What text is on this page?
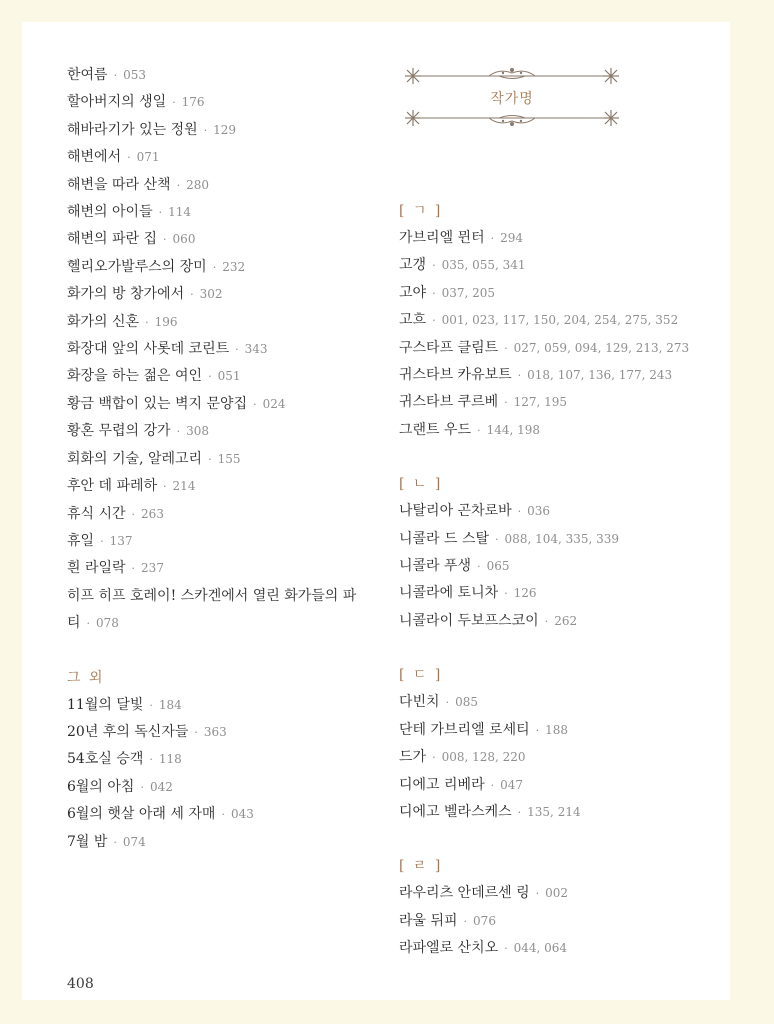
한여름 · 053
할아버지의 생일 · 176
해바라기가 있는 정원 · 129
해변에서 · 071
해변을 따라 산책 · 280
해변의 아이들 · 114
해변의 파란 집 · 060
헬리오가발루스의 장미 · 232
화가의 방 창가에서 · 302
화가의 신혼 · 196
화장대 앞의 사롯데 코린트 · 343
화장을 하는 젊은 여인 · 051
황금 백합이 있는 벽지 문양집 · 024
황혼 무렵의 강가 · 308
회화의 기술, 알레고리 · 155
후안 데 파레하 · 214
휴식 시간 · 263
휴일 · 137
흰 라일락 · 237
히프 히프 호레이! 스카겐에서 열린 화가들의 파
티 · 078
그 외
11월의 달빛 · 184
20년 후의 독신자들 · 363
54호실 승객 · 118
6월의 아침 · 042
6월의 햇살 아래 세 자매 · 043
7월 밤 · 074
작가명
[ ㄱ ]
가브리엘 뮌터 · 294
고갱 · 035, 055, 341
고야 · 037, 205
고흐 · 001, 023, 117, 150, 204, 254, 275, 352
구스타프 클림트 · 027, 059, 094, 129, 213, 273
귀스타브 카유보트 · 018, 107, 136, 177, 243
귀스타브 쿠르베 · 127, 195
그랜트 우드 · 144, 198
[ ㄴ ]
나탈리아 곤차로바 · 036
니콜라 드 스탈 · 088, 104, 335, 339
니콜라 푸생 · 065
니콜라에 토니차 · 126
니콜라이 두보프스코이 · 262
[ ㄷ ]
다빈치 · 085
단테 가브리엘 로세티 · 188
드가 · 008, 128, 220
디에고 리베라 · 047
디에고 벨라스케스 · 135, 214
[ ㄹ ]
라우리츠 안데르센 링 · 002
라울 뒤피 · 076
라파엘로 산치오 · 044, 064
408
